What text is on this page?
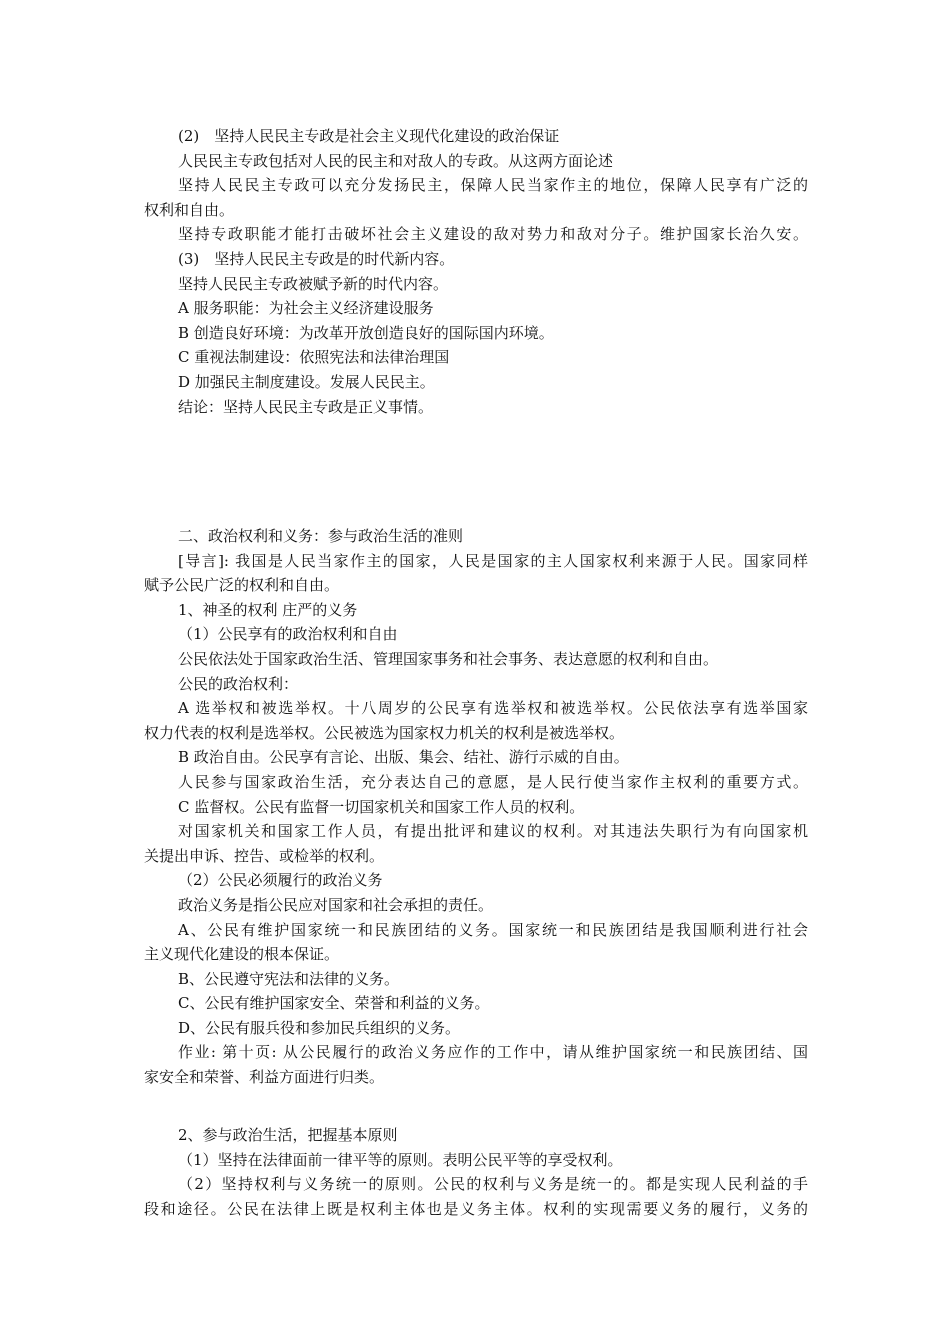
(2)　坚持人民民主专政是社会主义现代化建设的政治保证
人民民主专政包括对人民的民主和对敌人的专政。从这两方面论述
坚持人民民主专政可以充分发扬民主，保障人民当家作主的地位，保障人民享有广泛的
权利和自由。
坚持专政职能才能打击破坏社会主义建设的敌对势力和敌对分子。维护国家长治久安。
(3)　坚持人民民主专政是的时代新内容。
坚持人民民主专政被赋予新的时代内容。
A 服务职能：为社会主义经济建设服务
B 创造良好环境：为改革开放创造良好的国际国内环境。
C 重视法制建设：依照宪法和法律治理国
D 加强民主制度建设。发展人民民主。
结论：坚持人民民主专政是正义事情。
二、政治权利和义务：参与政治生活的准则
[导言]: 我国是人民当家作主的国家，人民是国家的主人国家权利来源于人民。国家同样
赋予公民广泛的权利和自由。
1、神圣的权利 庄严的义务
（1）公民享有的政治权利和自由
公民依法处于国家政治生活、管理国家事务和社会事务、表达意愿的权利和自由。
公民的政治权利：
A 选举权和被选举权。十八周岁的公民享有选举权和被选举权。公民依法享有选举国家
权力代表的权利是选举权。公民被选为国家权力机关的权利是被选举权。
B 政治自由。公民享有言论、出版、集会、结社、游行示威的自由。
人民参与国家政治生活，充分表达自己的意愿，是人民行使当家作主权利的重要方式。
C 监督权。公民有监督一切国家机关和国家工作人员的权利。
对国家机关和国家工作人员，有提出批评和建议的权利。对其违法失职行为有向国家机
关提出申诉、控告、或检举的权利。
（2）公民必须履行的政治义务
政治义务是指公民应对国家和社会承担的责任。
A、公民有维护国家统一和民族团结的义务。国家统一和民族团结是我国顺利进行社会
主义现代化建设的根本保证。
B、公民遵守宪法和法律的义务。
C、公民有维护国家安全、荣誉和利益的义务。
D、公民有服兵役和参加民兵组织的义务。
作业: 第十页: 从公民履行的政治义务应作的工作中，请从维护国家统一和民族团结、国
家安全和荣誉、利益方面进行归类。
2、参与政治生活，把握基本原则
（1）坚持在法律面前一律平等的原则。表明公民平等的享受权利。
（2）坚持权利与义务统一的原则。公民的权利与义务是统一的。都是实现人民利益的手
段和途径。公民在法律上既是权利主体也是义务主体。权利的实现需要义务的履行，义务的
